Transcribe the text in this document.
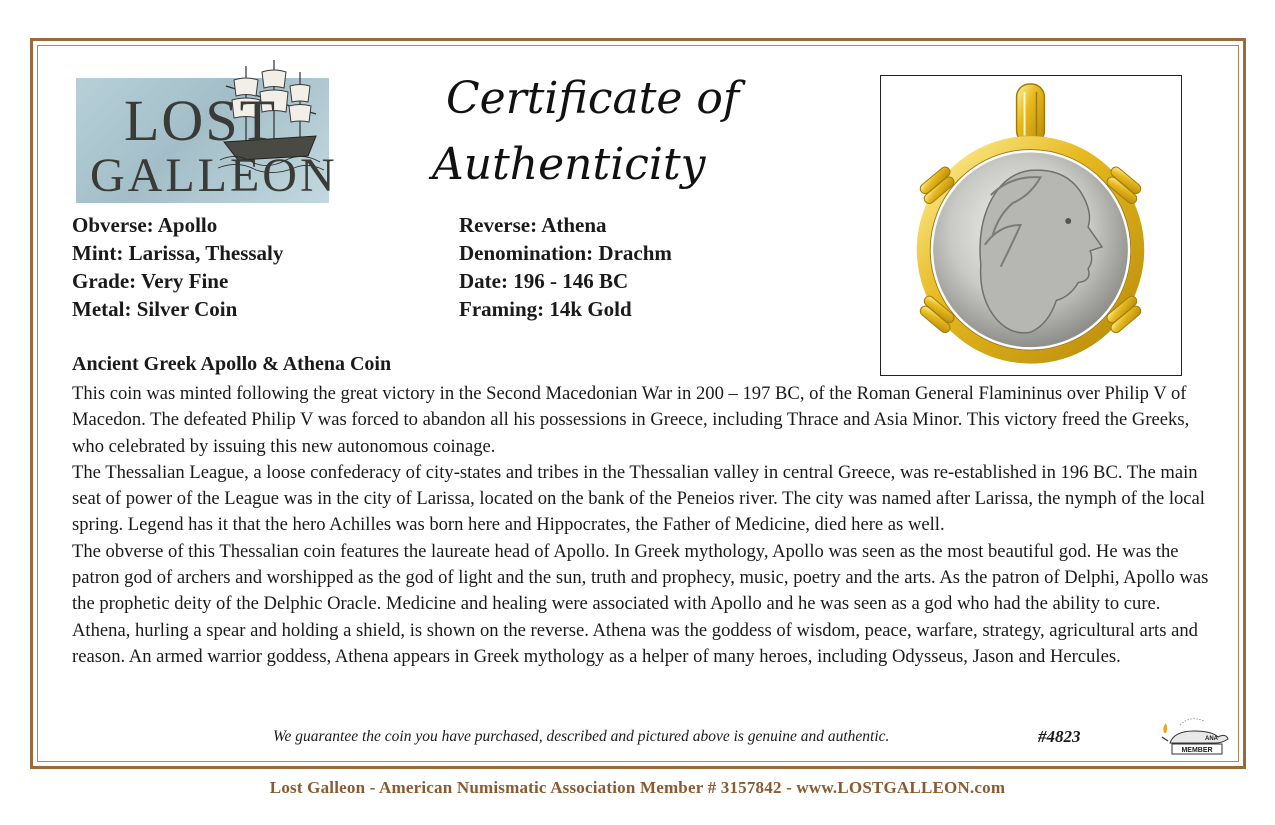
LOST
GALLEON
Certificate of
Authenticity
Obverse: Apollo
Mint: Larissa, Thessaly
Grade: Very Fine
Metal: Silver Coin
Reverse: Athena
Denomination: Drachm
Date: 196 - 146 BC
Framing: 14k Gold
Ancient Greek Apollo & Athena Coin

This coin was minted following the great victory in the Second Macedonian War in 200 – 197 BC, of the Roman General Flamininus over Philip V of Macedon. The defeated Philip V was forced to abandon all his possessions in Greece, including Thrace and Asia Minor. This victory freed the Greeks, who celebrated by issuing this new autonomous coinage.

The Thessalian League, a loose confederacy of city-states and tribes in the Thessalian valley in central Greece, was re-established in 196 BC. The main seat of power of the League was in the city of Larissa, located on the bank of the Peneios river. The city was named after Larissa, the nymph of the local spring. Legend has it that the hero Achilles was born here and Hippocrates, the Father of Medicine, died here as well.

The obverse of this Thessalian coin features the laureate head of Apollo. In Greek mythology, Apollo was seen as the most beautiful god. He was the patron god of archers and worshipped as the god of light and the sun, truth and prophecy, music, poetry and the arts. As the patron of Delphi, Apollo was the prophetic deity of the Delphic Oracle. Medicine and healing were associated with Apollo and he was seen as a god who had the ability to cure. Athena, hurling a spear and holding a shield, is shown on the reverse. Athena was the goddess of wisdom, peace, warfare, strategy, agricultural arts and reason. An armed warrior goddess, Athena appears in Greek mythology as a helper of many heroes, including Odysseus, Jason and Hercules.

We guarantee the coin you have purchased, described and pictured above is genuine and authentic.	#4823	ANA
MEMBER
Lost Galleon - American Numismatic Association Member # 3157842 - www.LOSTGALLEON.com
